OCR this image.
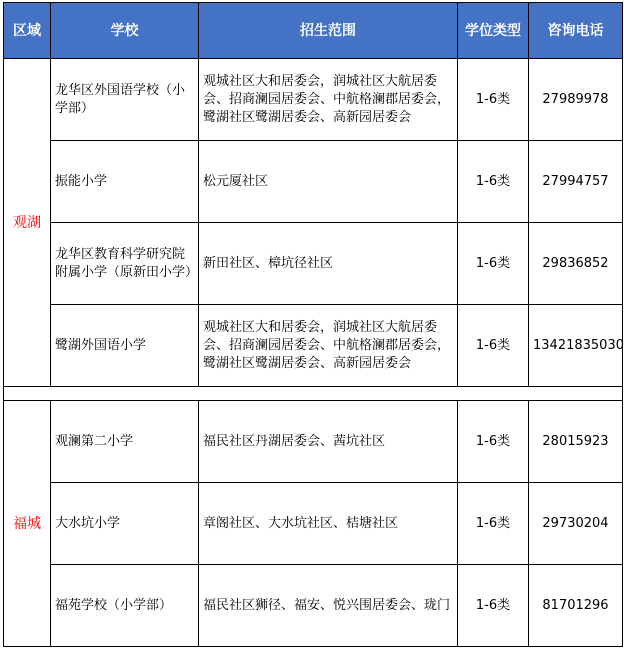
区域	学校	招生范围	学位类型	咨询电话
观湖	龙华区外国语学校（小学部）	观城社区大和居委会，润城社区大航居委会、招商澜园居委会、中航格澜郡居委会，鹭湖社区鹭湖居委会、高新园居委会	1-6类	27989978
	振能小学	松元厦社区	1-6类	27994757
	龙华区教育科学研究院附属小学（原新田小学）	新田社区、樟坑径社区	1-6类	29836852
	鹭湖外国语小学	观城社区大和居委会，润城社区大航居委会、招商澜园居委会、中航格澜郡居委会，鹭湖社区鹭湖居委会、高新园居委会	1-6类	13421835030

福城	观澜第二小学	福民社区丹湖居委会、茜坑社区	1-6类	28015923
	大水坑小学	章阁社区、大水坑社区、桔塘社区	1-6类	29730204
	福苑学校（小学部）	福民社区狮径、福安、悦兴围居委会、珑门	1-6类	81701296
